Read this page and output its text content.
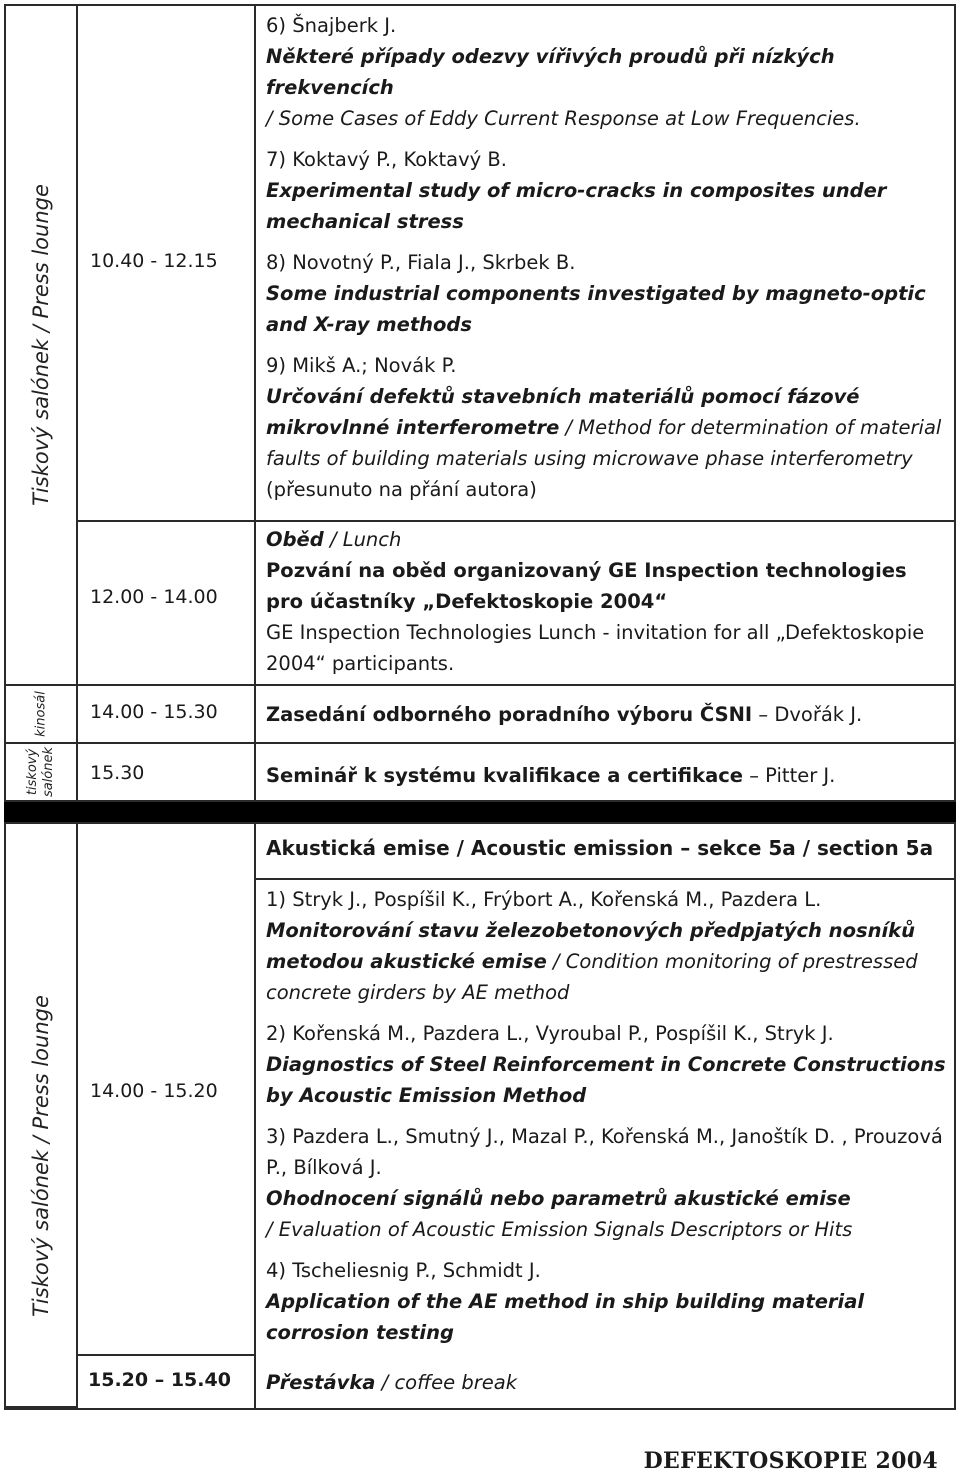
Tiskový salónek / Press lounge 10.40 - 12.15
6) Šnajberk J.
Některé případy odezvy vířivých proudů při nízkých frekvencích
/ Some Cases of Eddy Current Response at Low Frequencies.
7) Koktavý P., Koktavý B.
Experimental study of micro-cracks in composites under mechanical stress
8) Novotný P., Fiala J., Skrbek B.
Some industrial components investigated by magneto-optic and X-ray methods
9) Mikš A.; Novák P.
Určování defektů stavebních materiálů pomocí fázové mikrovlnné interferometre / Method for determination of material faults of building materials using microwave phase interferometry (přesunuto na přání autora)
12.00 - 14.00
Oběd / Lunch
Pozvání na oběd organizovaný GE Inspection technologies pro účastníky „Defektoskopie 2004“
GE Inspection Technologies Lunch - invitation for all „Defektoskopie 2004“ participants.
kinosál 14.00 - 15.30 Zasedání odborného poradního výboru ČSNI – Dvořák J.
tiskový
salónek 15.30	Seminář k systému kvalifikace a certifikace – Pitter J.
Tiskový salónek / Press lounge
Akustická emise / Acoustic emission – sekce 5a / section 5a
14.00 - 15.20
1) Stryk J., Pospíšil K., Frýbort A., Kořenská M., Pazdera L.
Monitorování stavu železobetonových předpjatých nosníků metodou akustické emise / Condition monitoring of prestressed concrete girders by AE method
2) Kořenská M., Pazdera L., Vyroubal P., Pospíšil K., Stryk J.
Diagnostics of Steel Reinforcement in Concrete Constructions by Acoustic Emission Method
3) Pazdera L., Smutný J., Mazal P., Kořenská M., Janoštík D. , Prouzová P., Bílková J.
Ohodnocení signálů nebo parametrů akustické emise
/ Evaluation of Acoustic Emission Signals Descriptors or Hits
4) Tscheliesnig P., Schmidt J.
Application of the AE method in ship building material corrosion testing
15.20 – 15.40 Přestávka / coffee break
DEFEKTOSKOPIE 2004
